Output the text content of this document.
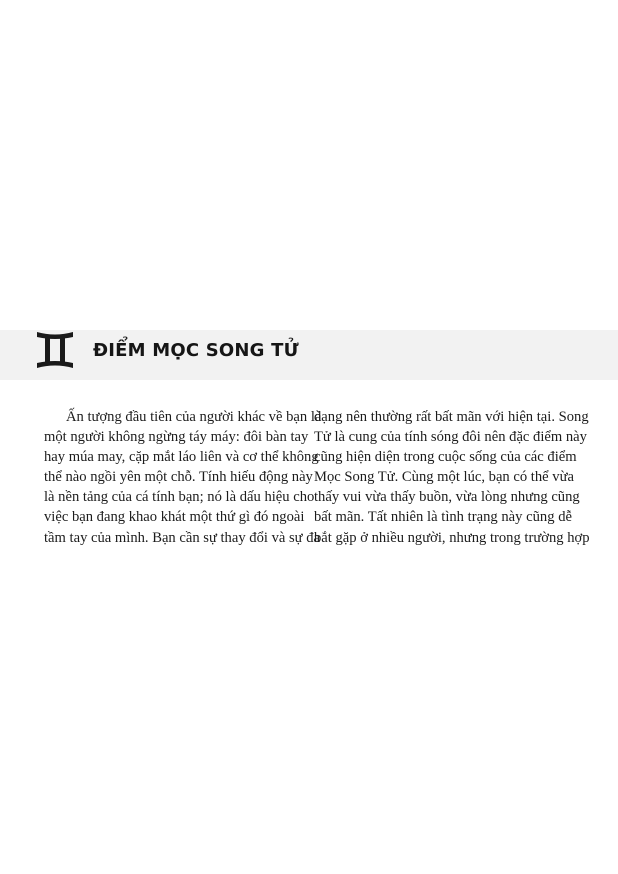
ĐIỂM MỌC SONG TỬ
Ấn tượng đầu tiên của người khác về bạn là
một người không ngừng táy máy: đôi bàn tay
hay múa may, cặp mắt láo liên và cơ thể không
thể nào ngồi yên một chỗ. Tính hiếu động này
là nền tảng của cá tính bạn; nó là dấu hiệu cho
việc bạn đang khao khát một thứ gì đó ngoài
tầm tay của mình. Bạn cần sự thay đổi và sự đa
dạng nên thường rất bất mãn với hiện tại. Song
Tử là cung của tính sóng đôi nên đặc điểm này
cũng hiện diện trong cuộc sống của các điểm
Mọc Song Tử. Cùng một lúc, bạn có thể vừa
thấy vui vừa thấy buồn, vừa lòng nhưng cũng
bất mãn. Tất nhiên là tình trạng này cũng dễ
bắt gặp ở nhiều người, nhưng trong trường hợp
